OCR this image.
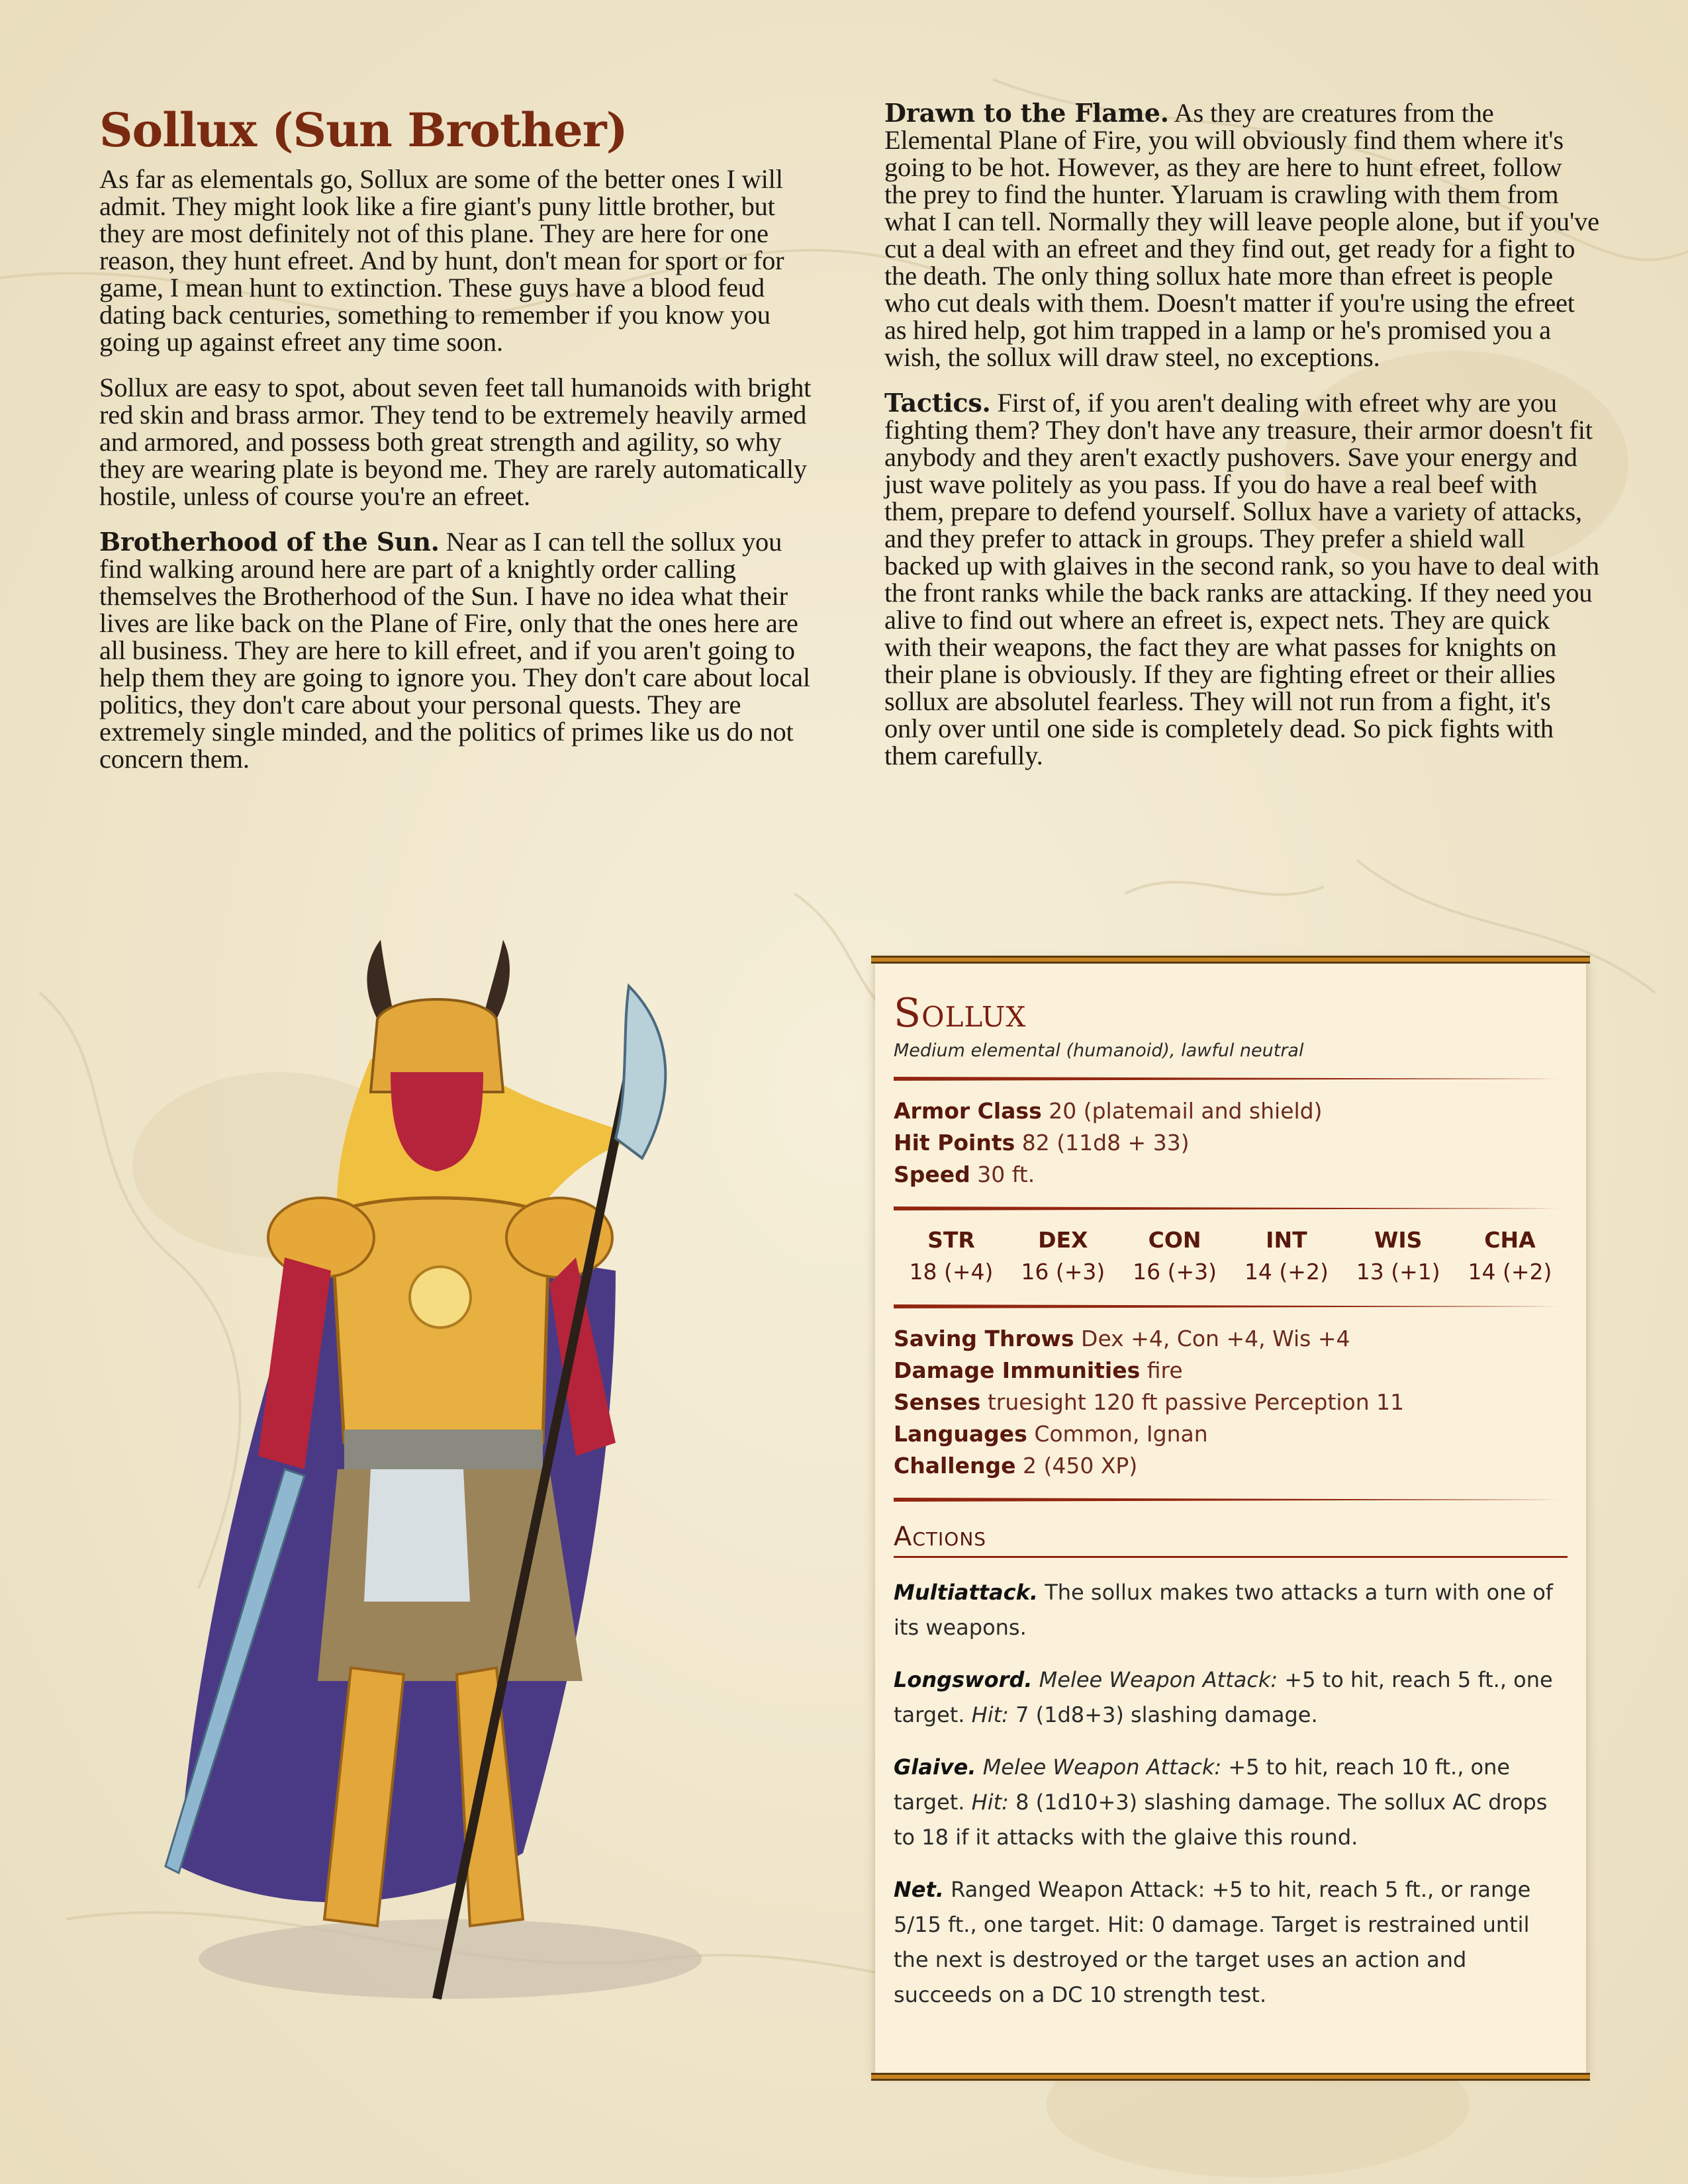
Sollux (Sun Brother)

As far as elementals go, Sollux are some of the better ones I will admit. They might look like a fire giant's puny little brother, but they are most definitely not of this plane. They are here for one reason, they hunt efreet. And by hunt, don't mean for sport or for game, I mean hunt to extinction. These guys have a blood feud dating back centuries, something to remember if you know you going up against efreet any time soon.

Sollux are easy to spot, about seven feet tall humanoids with bright red skin and brass armor. They tend to be extremely heavily armed and armored, and possess both great strength and agility, so why they are wearing plate is beyond me. They are rarely automatically hostile, unless of course you're an efreet.

Brotherhood of the Sun. Near as I can tell the sollux you find walking around here are part of a knightly order calling themselves the Brotherhood of the Sun. I have no idea what their lives are like back on the Plane of Fire, only that the ones here are all business. They are here to kill efreet, and if you aren't going to help them they are going to ignore you. They don't care about local politics, they don't care about your personal quests. They are extremely single minded, and the politics of primes like us do not concern them.

Drawn to the Flame. As they are creatures from the Elemental Plane of Fire, you will obviously find them where it's going to be hot. However, as they are here to hunt efreet, follow the prey to find the hunter. Ylaruam is crawling with them from what I can tell. Normally they will leave people alone, but if you've cut a deal with an efreet and they find out, get ready for a fight to the death. The only thing sollux hate more than efreet is people who cut deals with them. Doesn't matter if you're using the efreet as hired help, got him trapped in a lamp or he's promised you a wish, the sollux will draw steel, no exceptions.

Tactics. First of, if you aren't dealing with efreet why are you fighting them? They don't have any treasure, their armor doesn't fit anybody and they aren't exactly pushovers. Save your energy and just wave politely as you pass. If you do have a real beef with them, prepare to defend yourself. Sollux have a variety of attacks, and they prefer to attack in groups. They prefer a shield wall backed up with glaives in the second rank, so you have to deal with the front ranks while the back ranks are attacking. If they need you alive to find out where an efreet is, expect nets. They are quick with their weapons, the fact they are what passes for knights on their plane is obviously. If they are fighting efreet or their allies sollux are absolutel fearless. They will not run from a fight, it's only over until one side is completely dead. So pick fights with them carefully.

Sollux
Medium elemental (humanoid), lawful neutral
Armor Class 20 (platemail and shield)
Hit Points 82 (11d8 + 33)
Speed 30 ft.
STR
18 (+4)
DEX
16 (+3)
CON
16 (+3)
INT
14 (+2)
WIS
13 (+1)
CHA
14 (+2)
Saving Throws Dex +4, Con +4, Wis +4
Damage Immunities fire
Senses truesight 120 ft passive Perception 11
Languages Common, Ignan
Challenge 2 (450 XP)
Actions
Multiattack. The sollux makes two attacks a turn with one of its weapons.
Longsword. Melee Weapon Attack: +5 to hit, reach 5 ft., one target. Hit: 7 (1d8+3) slashing damage.
Glaive. Melee Weapon Attack: +5 to hit, reach 10 ft., one target. Hit: 8 (1d10+3) slashing damage. The sollux AC drops to 18 if it attacks with the glaive this round.
Net. Ranged Weapon Attack: +5 to hit, reach 5 ft., or range 5/15 ft., one target. Hit: 0 damage. Target is restrained until the next is destroyed or the target uses an action and succeeds on a DC 10 strength test.
